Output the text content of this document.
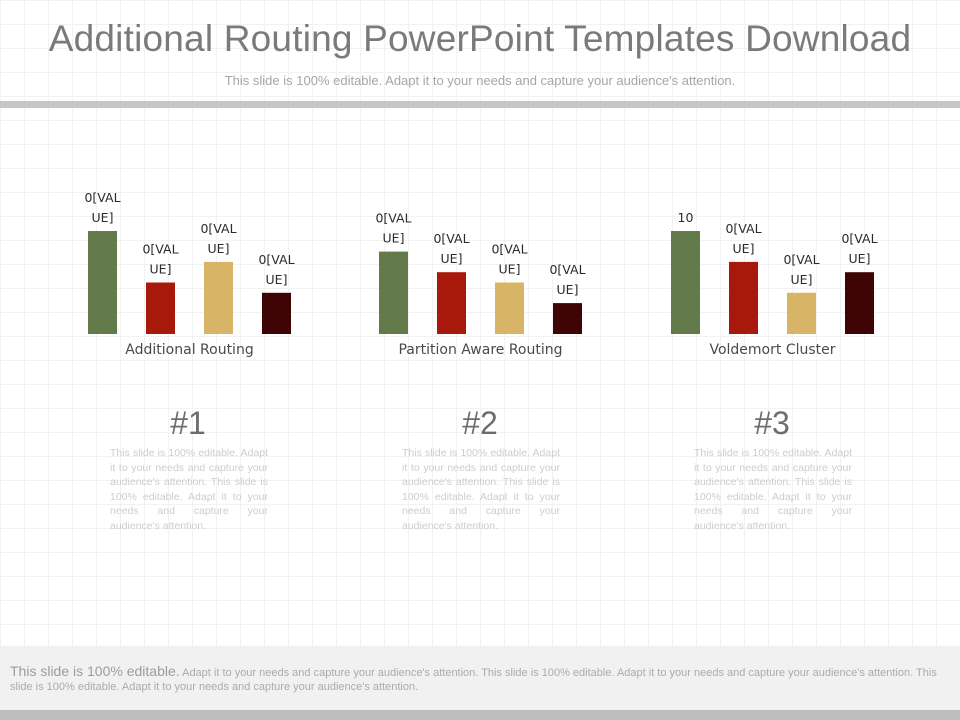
Additional Routing PowerPoint Templates Download
This slide is 100% editable. Adapt it to your needs and capture your audience's attention.
0[VAL UE]
0[VAL UE]
0[VAL UE]
0[VAL UE]
Additional Routing
0[VAL UE]	0[VAL UE]
0[VAL UE]	0[VAL UE]
Partition Aware Routing
10
0[VAL UE]
0[VAL UE]
0[VAL UE]
Voldemort Cluster
#1
This slide is 100% editable. Adapt it to your needs and capture your audience's attention. This slide is 100% editable. Adapt it to your needs and capture your audience's attention.
#2
This slide is 100% editable. Adapt it to your needs and capture your audience's attention. This slide is 100% editable. Adapt it to your needs and capture your audience's attention.
#3
This slide is 100% editable. Adapt it to your needs and capture your audience's attention. This slide is 100% editable. Adapt it to your needs and capture your audience's attention.
This slide is 100% editable. Adapt it to your needs and capture your audience's attention. This slide is 100% editable. Adapt it to your needs and capture your audience's attention. This slide is 100% editable. Adapt it to your needs and capture your audience's attention.
